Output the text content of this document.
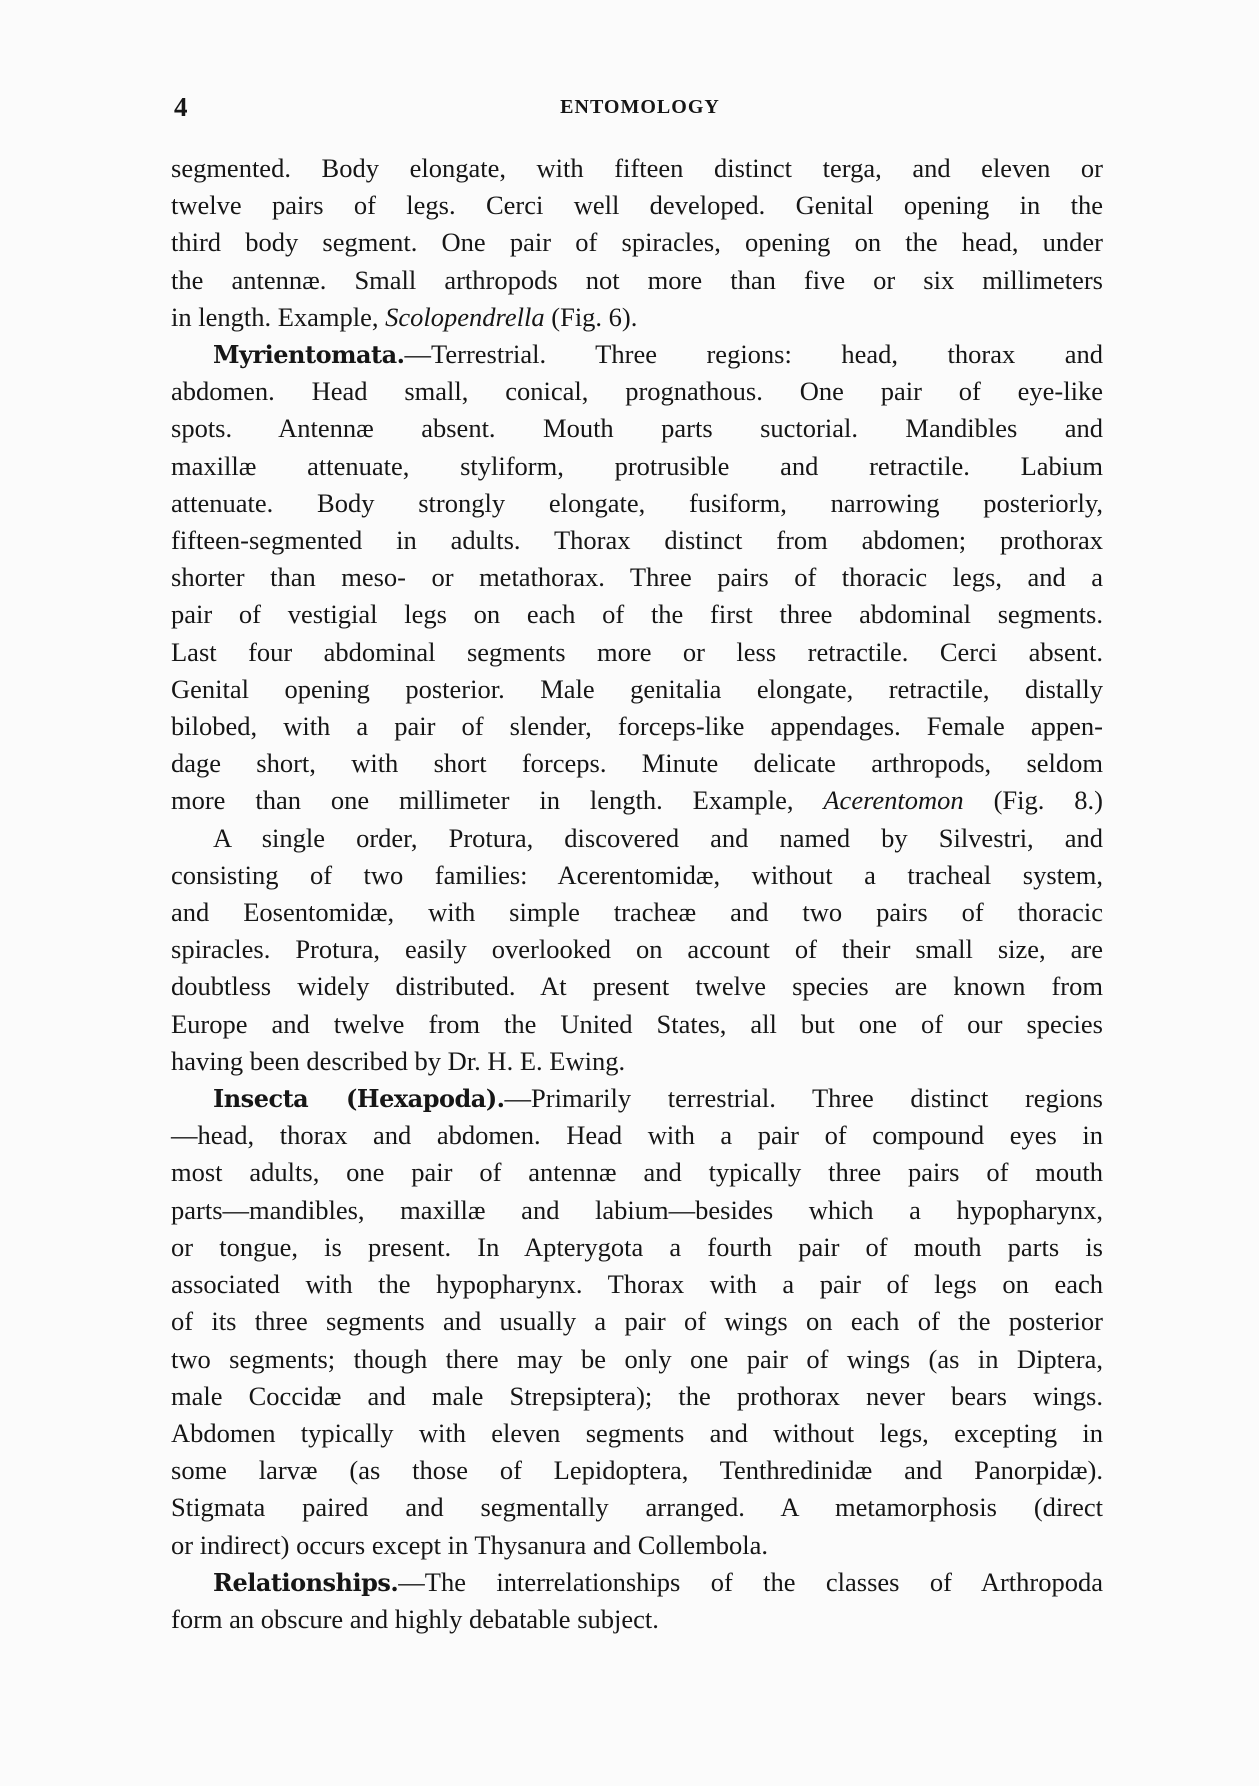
4	ENTOMOLOGY
segmented. Body elongate, with fifteen distinct terga, and eleven or
twelve pairs of legs. Cerci well developed. Genital opening in the
third body segment. One pair of spiracles, opening on the head, under
the antennæ. Small arthropods not more than five or six millimeters
in length. Example, Scolopendrella (Fig. 6).
Myrientomata.—Terrestrial. Three regions: head, thorax and
abdomen. Head small, conical, prognathous. One pair of eye-like
spots. Antennæ absent. Mouth parts suctorial. Mandibles and
maxillæ attenuate, styliform, protrusible and retractile. Labium
attenuate. Body strongly elongate, fusiform, narrowing posteriorly,
fifteen-segmented in adults. Thorax distinct from abdomen; prothorax
shorter than meso- or metathorax. Three pairs of thoracic legs, and a
pair of vestigial legs on each of the first three abdominal segments.
Last four abdominal segments more or less retractile. Cerci absent.
Genital opening posterior. Male genitalia elongate, retractile, distally
bilobed, with a pair of slender, forceps-like appendages. Female appen-
dage short, with short forceps. Minute delicate arthropods, seldom
more than one millimeter in length. Example, Acerentomon (Fig. 8.)
A single order, Protura, discovered and named by Silvestri, and
consisting of two families: Acerentomidæ, without a tracheal system,
and Eosentomidæ, with simple tracheæ and two pairs of thoracic
spiracles. Protura, easily overlooked on account of their small size, are
doubtless widely distributed. At present twelve species are known from
Europe and twelve from the United States, all but one of our species
having been described by Dr. H. E. Ewing.
Insecta (Hexapoda).—Primarily terrestrial. Three distinct regions
—head, thorax and abdomen. Head with a pair of compound eyes in
most adults, one pair of antennæ and typically three pairs of mouth
parts—mandibles, maxillæ and labium—besides which a hypopharynx,
or tongue, is present. In Apterygota a fourth pair of mouth parts is
associated with the hypopharynx. Thorax with a pair of legs on each
of its three segments and usually a pair of wings on each of the posterior
two segments; though there may be only one pair of wings (as in Diptera,
male Coccidæ and male Strepsiptera); the prothorax never bears wings.
Abdomen typically with eleven segments and without legs, excepting in
some larvæ (as those of Lepidoptera, Tenthredinidæ and Panorpidæ).
Stigmata paired and segmentally arranged. A metamorphosis (direct
or indirect) occurs except in Thysanura and Collembola.
Relationships.—The interrelationships of the classes of Arthropoda
form an obscure and highly debatable subject.
